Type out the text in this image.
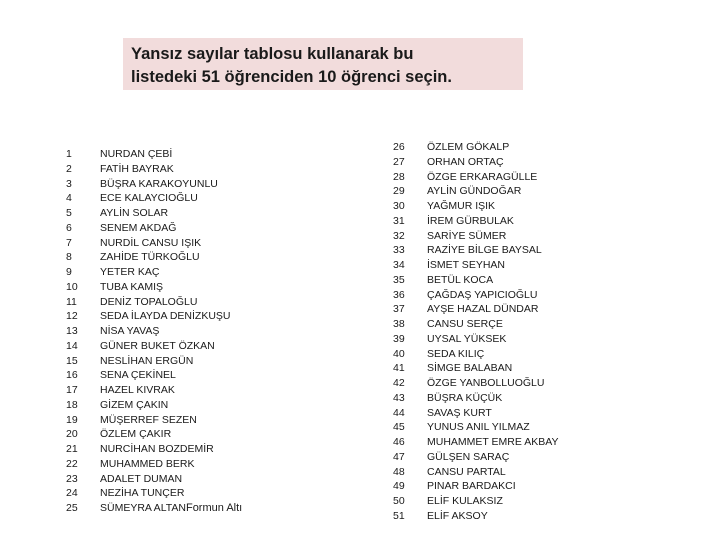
Yansız sayılar tablosu kullanarak bu
listedeki 51 öğrenciden 10 öğrenci seçin.
1	NURDAN ÇEBİ
2	FATİH BAYRAK
3	BÜŞRA KARAKOYUNLU
4	ECE KALAYCIOĞLU
5	AYLİN SOLAR
6	SENEM AKDAĞ
7	NURDİL CANSU IŞIK
8	ZAHİDE TÜRKOĞLU
9	YETER KAÇ
10 TUBA KAMIŞ
11 DENİZ TOPALOĞLU
12 SEDA İLAYDA DENİZKUŞU
13 NİSA YAVAŞ
14 GÜNER BUKET ÖZKAN
15 NESLİHAN ERGÜN
16 SENA ÇEKİNEL
17 HAZEL KIVRAK
18 GİZEM ÇAKIN
19 MÜŞERREF SEZEN
20 ÖZLEM ÇAKIR
21 NURCİHAN BOZDEMİR
22 MUHAMMED BERK
23 ADALET DUMAN
24 NEZİHA TUNÇER
25 SÜMEYRA ALTANFormun Altı
26 ÖZLEM GÖKALP
27 ORHAN ORTAÇ
28 ÖZGE ERKARAGÜLLE
29 AYLİN GÜNDOĞAR
30 YAĞMUR IŞIK
31 İREM GÜRBULAK
32 SARİYE SÜMER
33 RAZİYE BİLGE BAYSAL
34 İSMET SEYHAN
35 BETÜL KOCA
36 ÇAĞDAŞ YAPICIOĞLU
37 AYŞE HAZAL DÜNDAR
38 CANSU SERÇE
39 UYSAL YÜKSEK
40 SEDA KILIÇ
41 SİMGE BALABAN
42 ÖZGE YANBOLLUOĞLU
43 BÜŞRA KÜÇÜK
44 SAVAŞ KURT
45 YUNUS ANIL YILMAZ
46 MUHAMMET EMRE AKBAY
47 GÜLŞEN SARAÇ
48 CANSU PARTAL
49 PINAR BARDAKCI
50 ELİF KULAKSIZ
51 ELİF AKSOY
